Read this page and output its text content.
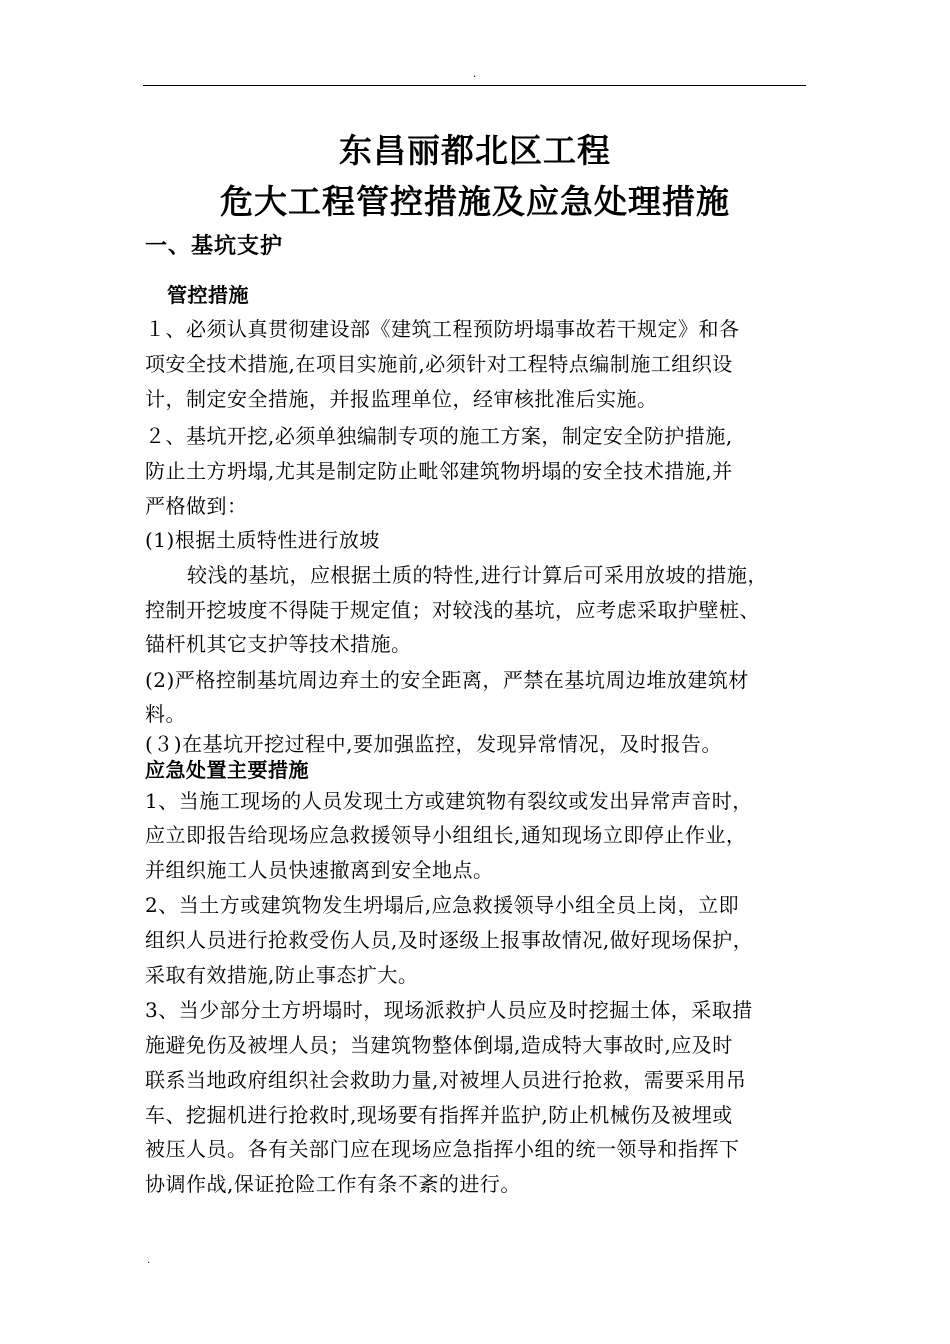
.
东昌丽都北区工程
危大工程管控措施及应急处理措施
一、基坑支护
管控措施
１、必须认真贯彻建设部《建筑工程预防坍塌事故若干规定》和各
项安全技术措施,在项目实施前,必须针对工程特点编制施工组织设
计，制定安全措施，并报监理单位，经审核批准后实施。
２、基坑开挖,必须单独编制专项的施工方案，制定安全防护措施,
防止土方坍塌,尤其是制定防止毗邻建筑物坍塌的安全技术措施,并
严格做到：
(1)根据土质特性进行放坡
较浅的基坑，应根据土质的特性,进行计算后可采用放坡的措施，
控制开挖坡度不得陡于规定值；对较浅的基坑，应考虑采取护壁桩、
锚杆机其它支护等技术措施。
(2)严格控制基坑周边弃土的安全距离，严禁在基坑周边堆放建筑材
料。
(３)在基坑开挖过程中,要加强监控，发现异常情况，及时报告。
应急处置主要措施
1、当施工现场的人员发现土方或建筑物有裂纹或发出异常声音时，
应立即报告给现场应急救援领导小组组长,通知现场立即停止作业，
并组织施工人员快速撤离到安全地点。
2、当土方或建筑物发生坍塌后,应急救援领导小组全员上岗，立即
组织人员进行抢救受伤人员,及时逐级上报事故情况,做好现场保护，
采取有效措施,防止事态扩大。
3、当少部分土方坍塌时，现场派救护人员应及时挖掘土体，采取措
施避免伤及被埋人员；当建筑物整体倒塌,造成特大事故时,应及时
联系当地政府组织社会救助力量,对被埋人员进行抢救，需要采用吊
车、挖掘机进行抢救时,现场要有指挥并监护,防止机械伤及被埋或
被压人员。各有关部门应在现场应急指挥小组的统一领导和指挥下
协调作战,保证抢险工作有条不紊的进行。
.
